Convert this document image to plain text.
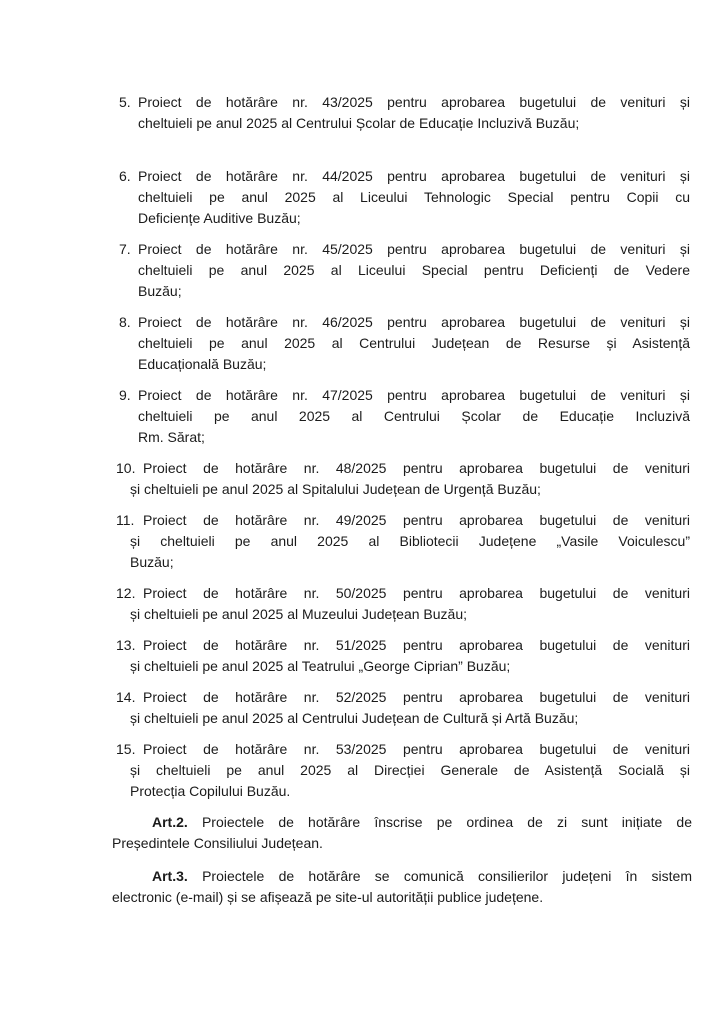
5. Proiect de hotărâre nr. 43/2025 pentru aprobarea bugetului de venituri și
cheltuieli pe anul 2025 al Centrului Școlar de Educație Incluzivă Buzău;
6. Proiect de hotărâre nr. 44/2025 pentru aprobarea bugetului de venituri și
cheltuieli pe anul 2025 al Liceului Tehnologic Special pentru Copii cu
Deficiențe Auditive Buzău;
7. Proiect de hotărâre nr. 45/2025 pentru aprobarea bugetului de venituri și
cheltuieli pe anul 2025 al Liceului Special pentru Deficienți de Vedere
Buzău;
8. Proiect de hotărâre nr. 46/2025 pentru aprobarea bugetului de venituri și
cheltuieli pe anul 2025 al Centrului Județean de Resurse și Asistență
Educațională Buzău;
9. Proiect de hotărâre nr. 47/2025 pentru aprobarea bugetului de venituri și
cheltuieli pe anul 2025 al Centrului Școlar de Educație Incluzivă
Rm. Sărat;
10. Proiect de hotărâre nr. 48/2025 pentru aprobarea bugetului de venituri
și cheltuieli pe anul 2025 al Spitalului Județean de Urgență Buzău;
11. Proiect de hotărâre nr. 49/2025 pentru aprobarea bugetului de venituri
și cheltuieli pe anul 2025 al Bibliotecii Județene „Vasile Voiculescu”
Buzău;
12. Proiect de hotărâre nr. 50/2025 pentru aprobarea bugetului de venituri
și cheltuieli pe anul 2025 al Muzeului Județean Buzău;
13. Proiect de hotărâre nr. 51/2025 pentru aprobarea bugetului de venituri
și cheltuieli pe anul 2025 al Teatrului „George Ciprian” Buzău;
14. Proiect de hotărâre nr. 52/2025 pentru aprobarea bugetului de venituri
și cheltuieli pe anul 2025 al Centrului Județean de Cultură și Artă Buzău;
15. Proiect de hotărâre nr. 53/2025 pentru aprobarea bugetului de venituri
și cheltuieli pe anul 2025 al Direcției Generale de Asistență Socială și
Protecția Copilului Buzău.
Art.2. Proiectele de hotărâre înscrise pe ordinea de zi sunt inițiate de
Președintele Consiliului Județean.
Art.3. Proiectele de hotărâre se comunică consilierilor județeni în sistem
electronic (e-mail) și se afișează pe site-ul autorității publice județene.
